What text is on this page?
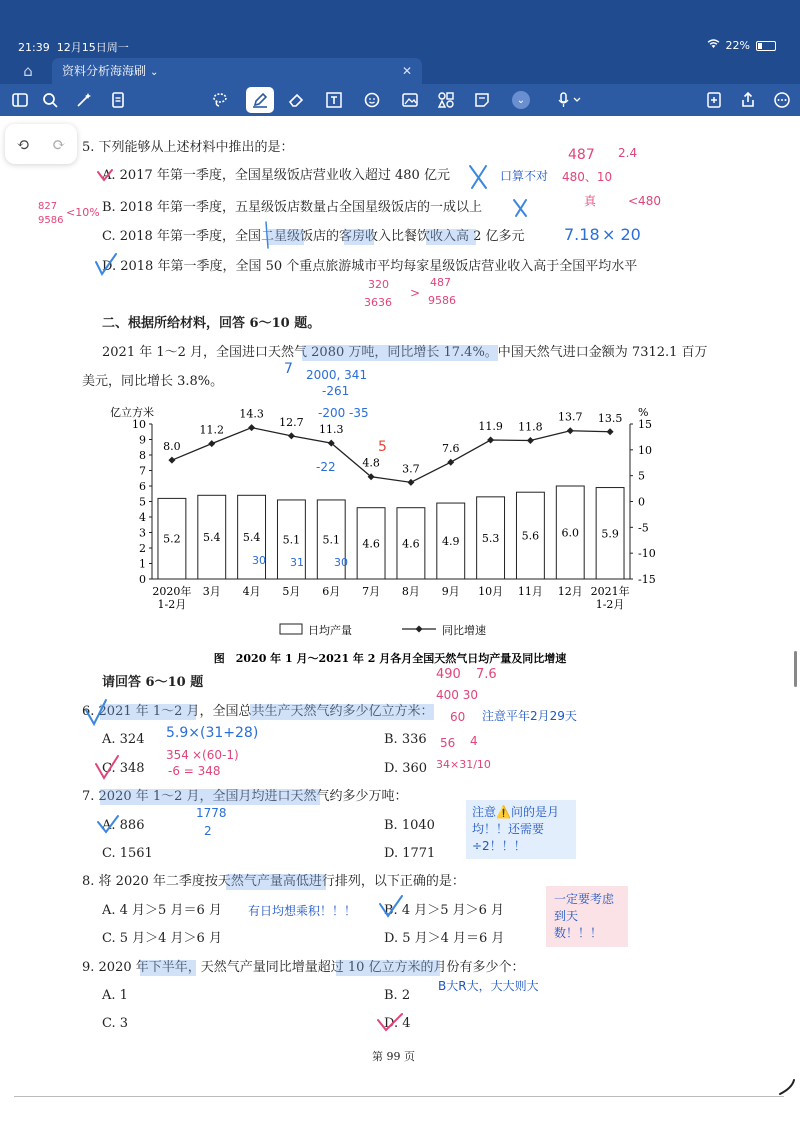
21:39 12月15日周一	22%
⌂	资料分析海海刷 ⌄	✕
⌄
⟲ ⟳ 5. 下列能够从上述材料中推出的是：
A. 2017 年第一季度，全国星级饭店营业收入超过 480 亿元
B. 2018 年第一季度，五星级饭店数量占全国星级饭店的一成以上
C. 2018 年第一季度，全国二星级饭店的客房收入比餐饮收入高 2 亿多元
D. 2018 年第一季度，全国 50 个重点旅游城市平均每家星级饭店营业收入高于全国平均水平
口算不对
二、根据所给材料，回答 6～10 题。
2021 年 1～2 月，全国进口天然气 2080 万吨，同比增长 17.4%。中国天然气进口金额为 7312.1 百万
美元，同比增长 3.8%。
亿立方米	%
0
1
2
3
4
5
6
7
8
9
10	15
10
5
0
-5
-10
-15
5.2
2020年
1-2月
5.4
3月
5.4
4月
5.1
5月
5.1
6月
4.6
7月
4.6
8月
4.9
9月
5.3
10月
5.6
11月
6.0
12月
5.9
2021年
1-2月
8.0
11.2
14.3
12.7
11.3
4.8 3.7
7.6
11.9 11.8
13.7 13.5
日均产量	同比增速
图　2020 年 1 月～2021 年 2 月各月全国天然气日均产量及同比增速
请回答 6～10 题
6. 2021 年 1～2 月，全国总共生产天然气约多少亿立方米：	注意平年2月29天
A. 324	B. 336
C. 348	D. 360
7. 2020 年 1～2 月，全国月均进口天然气约多少万吨：
注意⚠️问的是月
均！！还需要
÷2！！！
A. 886	B. 1040
C. 1561	D. 1771
8. 将 2020 年二季度按天然气产量高低进行排列，以下正确的是：
有日均想乘积！！！
一定要考虑
到天
数！！！
A. 4 月＞5 月＝6 月	B. 4 月＞5 月＞6 月
C. 5 月＞4 月＞6 月	D. 5 月＞4 月＝6 月
9. 2020 年下半年，天然气产量同比增量超过 10 亿立方米的月份有多少个：
B大R大，大大则大
A. 1	B. 2
C. 3	D. 4
第 99 页
487 2.4
480、10
真	<480
827
9586
<10%
7.18 × 20
320
3636
>
487
9586
7 2000, 341
-261
-200 -35
-22
5
30 31	30
490 7.6
400 30
60
56 4
34×31/10
5.9×(31+28)
354 ×(60-1)
-6 = 348
1778
2
